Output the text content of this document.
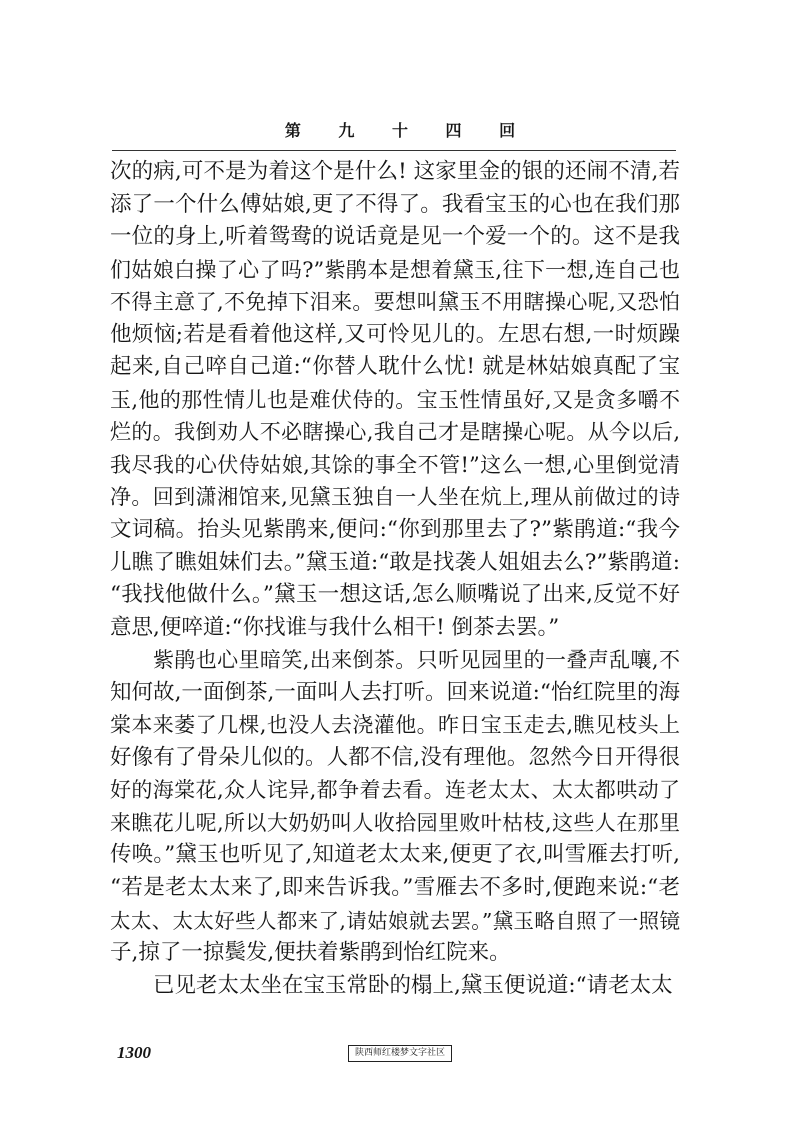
第 九 十 四 回
次的病,可不是为着这个是什么! 这家里金的银的还闹不清,若
添了一个什么傅姑娘,更了不得了。我看宝玉的心也在我们那
一位的身上,听着鸳鸯的说话竟是见一个爱一个的。这不是我
们姑娘白操了心了吗?”紫鹃本是想着黛玉,往下一想,连自己也
不得主意了,不免掉下泪来。要想叫黛玉不用瞎操心呢,又恐怕
他烦恼;若是看着他这样,又可怜见儿的。左思右想,一时烦躁
起来,自己啐自己道:“你替人耽什么忧! 就是林姑娘真配了宝
玉,他的那性情儿也是难伏侍的。宝玉性情虽好,又是贪多嚼不
烂的。我倒劝人不必瞎操心,我自己才是瞎操心呢。从今以后,
我尽我的心伏侍姑娘,其馀的事全不管!”这么一想,心里倒觉清
净。回到潇湘馆来,见黛玉独自一人坐在炕上,理从前做过的诗
文词稿。抬头见紫鹃来,便问:“你到那里去了?”紫鹃道:“我今
儿瞧了瞧姐妹们去。”黛玉道:“敢是找袭人姐姐去么?”紫鹃道:
“我找他做什么。”黛玉一想这话,怎么顺嘴说了出来,反觉不好
意思,便啐道:“你找谁与我什么相干! 倒茶去罢。”
紫鹃也心里暗笑,出来倒茶。只听见园里的一叠声乱嚷,不
知何故,一面倒茶,一面叫人去打听。回来说道:“怡红院里的海
棠本来萎了几棵,也没人去浇灌他。昨日宝玉走去,瞧见枝头上
好像有了骨朵儿似的。人都不信,没有理他。忽然今日开得很
好的海棠花,众人诧异,都争着去看。连老太太、太太都哄动了
来瞧花儿呢,所以大奶奶叫人收拾园里败叶枯枝,这些人在那里
传唤。”黛玉也听见了,知道老太太来,便更了衣,叫雪雁去打听,
“若是老太太来了,即来告诉我。”雪雁去不多时,便跑来说:“老
太太、太太好些人都来了,请姑娘就去罢。”黛玉略自照了一照镜
子,掠了一掠鬓发,便扶着紫鹃到怡红院来。
已见老太太坐在宝玉常卧的榻上,黛玉便说道:“请老太太
1300	陕西师红楼梦文字社区
